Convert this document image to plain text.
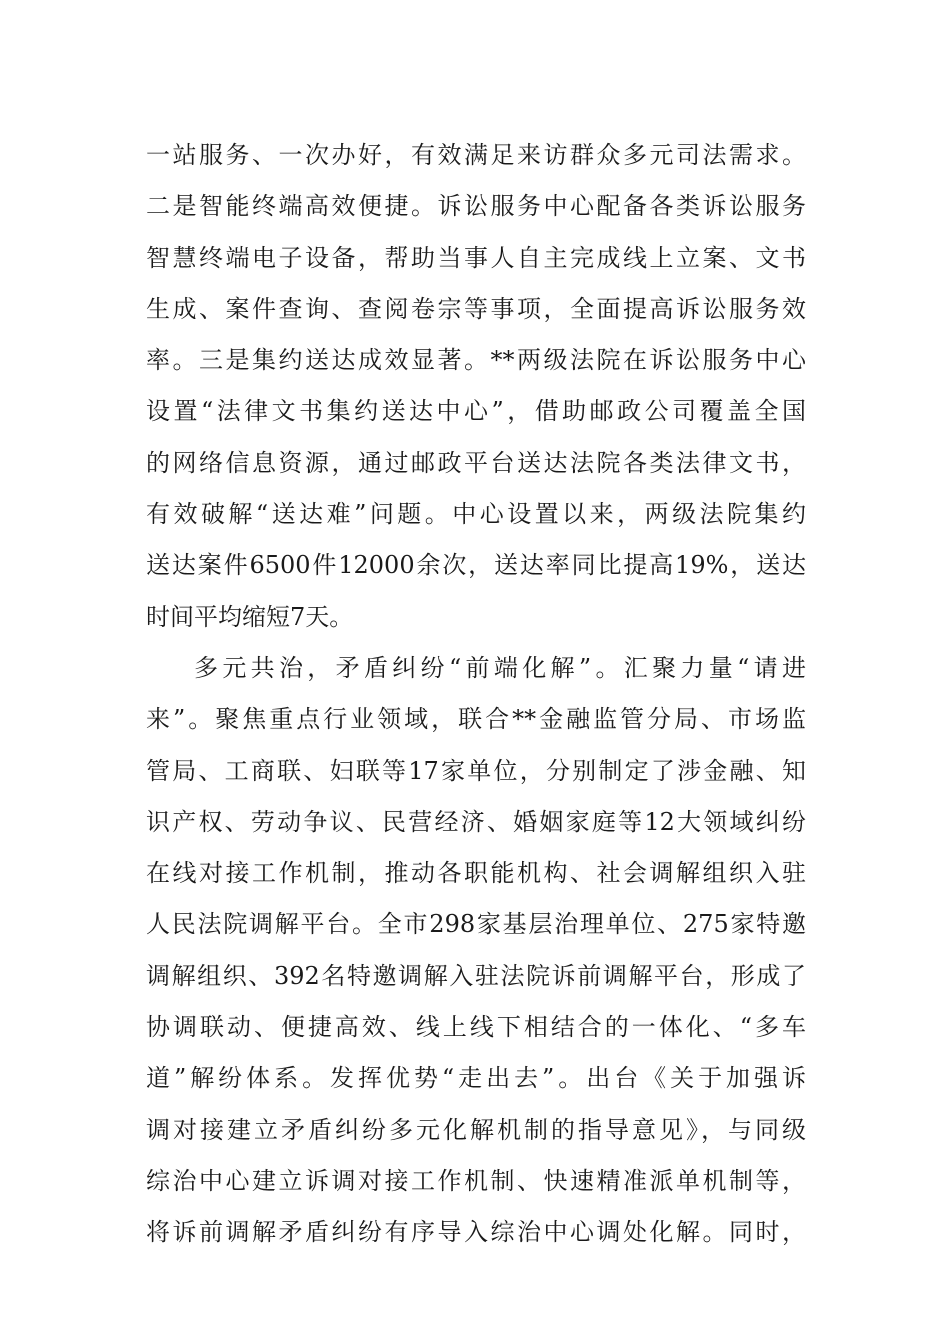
一站服务、一次办好，有效满足来访群众多元司法需求。
二是智能终端高效便捷。诉讼服务中心配备各类诉讼服务
智慧终端电子设备，帮助当事人自主完成线上立案、文书
生成、案件查询、查阅卷宗等事项，全面提高诉讼服务效
率。三是集约送达成效显著。**两级法院在诉讼服务中心
设置“法律文书集约送达中心”，借助邮政公司覆盖全国
的网络信息资源，通过邮政平台送达法院各类法律文书，
有效破解“送达难”问题。中心设置以来，两级法院集约
送达案件6500件12000余次，送达率同比提高19%，送达
时间平均缩短7天。
多元共治，矛盾纠纷“前端化解”。汇聚力量“请进
来”。聚焦重点行业领域，联合**金融监管分局、市场监
管局、工商联、妇联等17家单位，分别制定了涉金融、知
识产权、劳动争议、民营经济、婚姻家庭等12大领域纠纷
在线对接工作机制，推动各职能机构、社会调解组织入驻
人民法院调解平台。全市298家基层治理单位、275家特邀
调解组织、392名特邀调解入驻法院诉前调解平台，形成了
协调联动、便捷高效、线上线下相结合的一体化、“多车
道”解纷体系。发挥优势“走出去”。出台《关于加强诉
调对接建立矛盾纠纷多元化解机制的指导意见》，与同级
综治中心建立诉调对接工作机制、快速精准派单机制等，
将诉前调解矛盾纠纷有序导入综治中心调处化解。同时，
